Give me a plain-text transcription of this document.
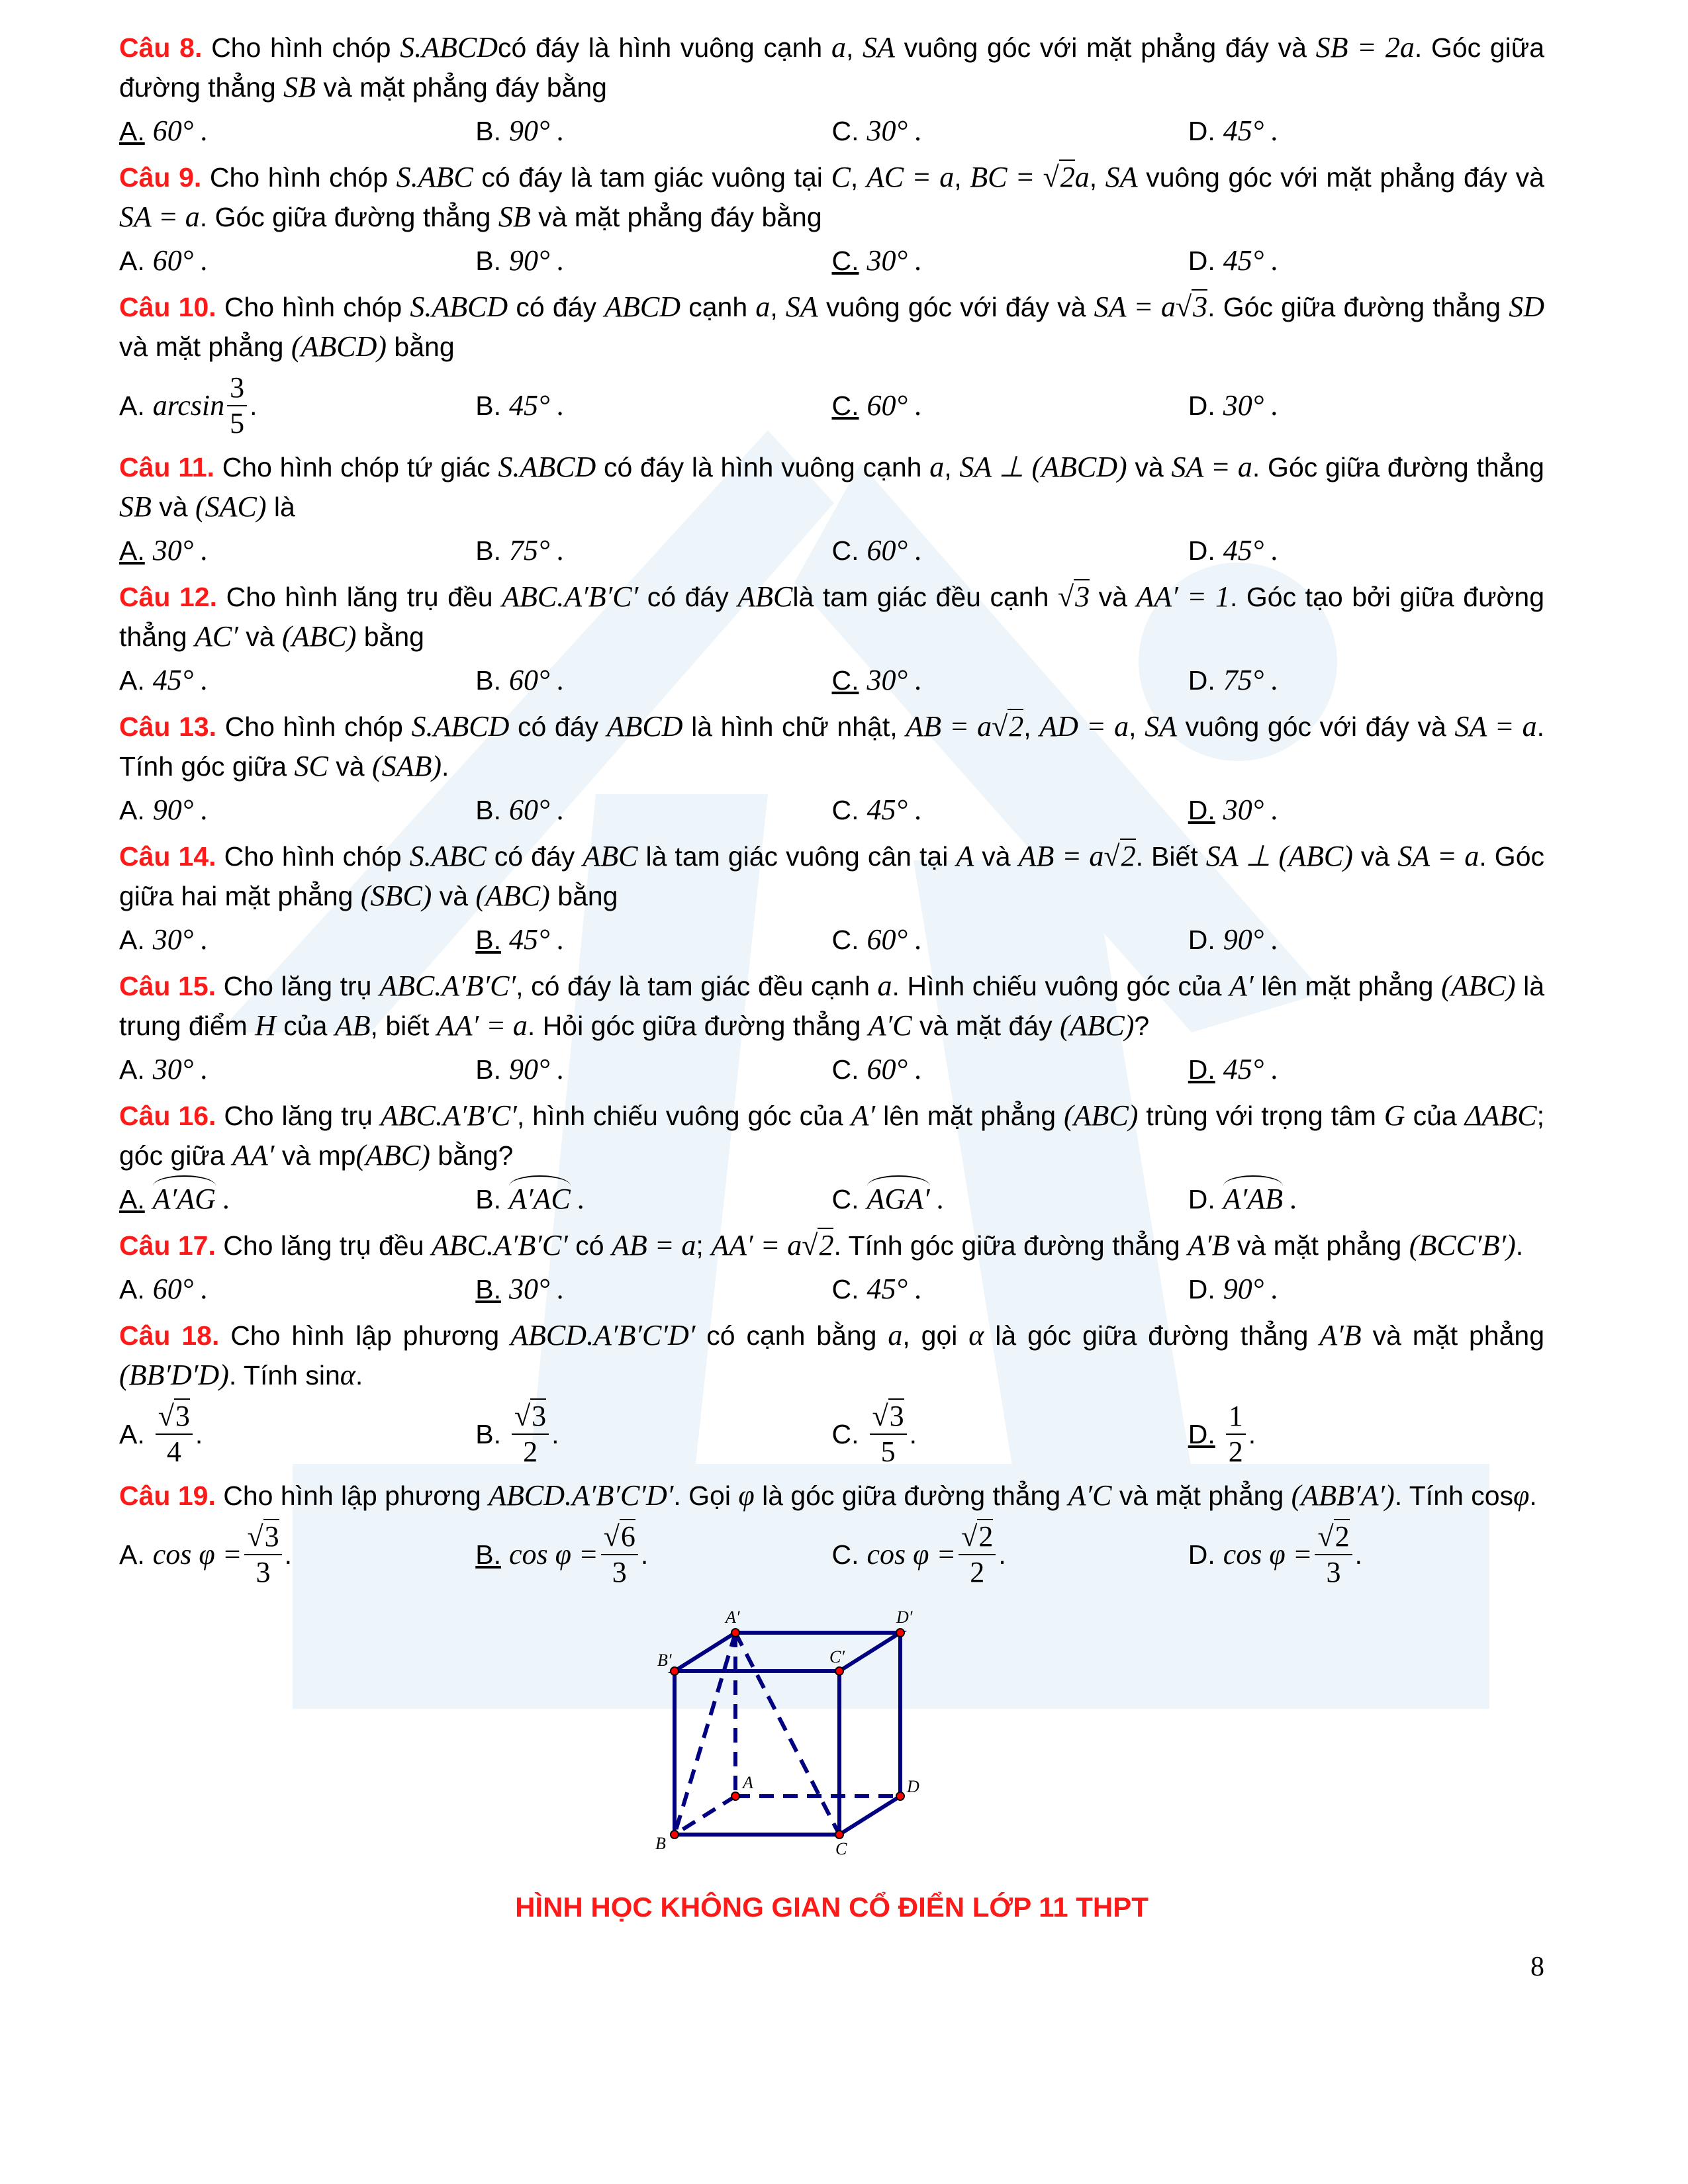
Câu 8. Cho hình chóp S.ABCDcó đáy là hình vuông cạnh a, SA vuông góc với mặt phẳng đáy và SB = 2a. Góc giữa đường thẳng SB và mặt phẳng đáy bằng
A. 60° .	B. 90° .	C. 30° .	D. 45° .
Câu 9. Cho hình chóp S.ABC có đáy là tam giác vuông tại C, AC = a, BC = √2a, SA vuông góc với mặt phẳng đáy và SA = a. Góc giữa đường thẳng SB và mặt phẳng đáy bằng
A. 60° .	B. 90° .	C. 30° .	D. 45° .
Câu 10. Cho hình chóp S.ABCD có đáy ABCD cạnh a, SA vuông góc với đáy và SA = a√3. Góc giữa đường thẳng SD và mặt phẳng (ABCD) bằng
A. $\arcsin \frac{3}{5}$ .	B. 45° .	C. 60° .	D. 30° .
Câu 11. Cho hình chóp tứ giác S.ABCD có đáy là hình vuông cạnh a, SA ⊥ (ABCD) và SA = a. Góc giữa đường thẳng SB và (SAC) là
A. 30° .	B. 75° .	C. 60° .	D. 45° .
Câu 12. Cho hình lăng trụ đều ABC.A′B′C′ có đáy ABClà tam giác đều cạnh √3 và AA′ = 1. Góc tạo bởi giữa đường thẳng AC′ và (ABC) bằng
A. 45° .	B. 60° .	C. 30° .	D. 75° .
Câu 13. Cho hình chóp S.ABCD có đáy ABCD là hình chữ nhật, AB = a√2, AD = a, SA vuông góc với đáy và SA = a. Tính góc giữa SC và (SAB).
A. 90° .	B. 60° .	C. 45° .	D. 30° .
Câu 14. Cho hình chóp S.ABC có đáy ABC là tam giác vuông cân tại A và AB = a√2. Biết SA ⊥ (ABC) và SA = a. Góc giữa hai mặt phẳng (SBC) và (ABC) bằng
A. 30° .	B. 45° .	C. 60° .	D. 90° .
Câu 15. Cho lăng trụ ABC.A′B′C′, có đáy là tam giác đều cạnh a. Hình chiếu vuông góc của A′ lên mặt phẳng (ABC) là trung điểm H của AB, biết AA′ = a. Hỏi góc giữa đường thẳng A′C và mặt đáy (ABC)?
A. 30° .	B. 90° .	C. 60° .	D. 45° .
Câu 16. Cho lăng trụ ABC.A′B′C′, hình chiếu vuông góc của A′ lên mặt phẳng (ABC) trùng với trọng tâm G của ΔABC; góc giữa AA′ và mp(ABC) bằng?
A. A′AG .	B. A′AC .	C. AGA′ .	D. A′AB .
Câu 17. Cho lăng trụ đều ABC.A′B′C′ có AB = a; AA′ = a√2. Tính góc giữa đường thẳng A′B và mặt phẳng (BCC′B′).
A. 60° .	B. 30° .	C. 45° .	D. 90° .
Câu 18. Cho hình lập phương ABCD.A′B′C′D′ có cạnh bằng a, gọi α là góc giữa đường thẳng A′B và mặt phẳng (BB′D′D). Tính sinα.
A. $\frac{√3}{4}$ .	B. $\frac{√3}{2}$ .	C. $\frac{√3}{5}$ .	D. $\frac{1}{2}$ .
Câu 19. Cho hình lập phương ABCD.A′B′C′D′. Gọi φ là góc giữa đường thẳng A′C và mặt phẳng (ABB′A′). Tính cosφ.
A. $\cos \varphi = \frac{√3}{3}$ .	B. $\cos \varphi = \frac{√6}{3}$ .	C. $\cos \varphi = \frac{√2}{2}$ .	D. $\cos \varphi = \frac{√2}{3}$ .
A′	D′
B′	C′
A	D
B	C
HÌNH HỌC KHÔNG GIAN CỔ ĐIỂN LỚP 11 THPT
8
